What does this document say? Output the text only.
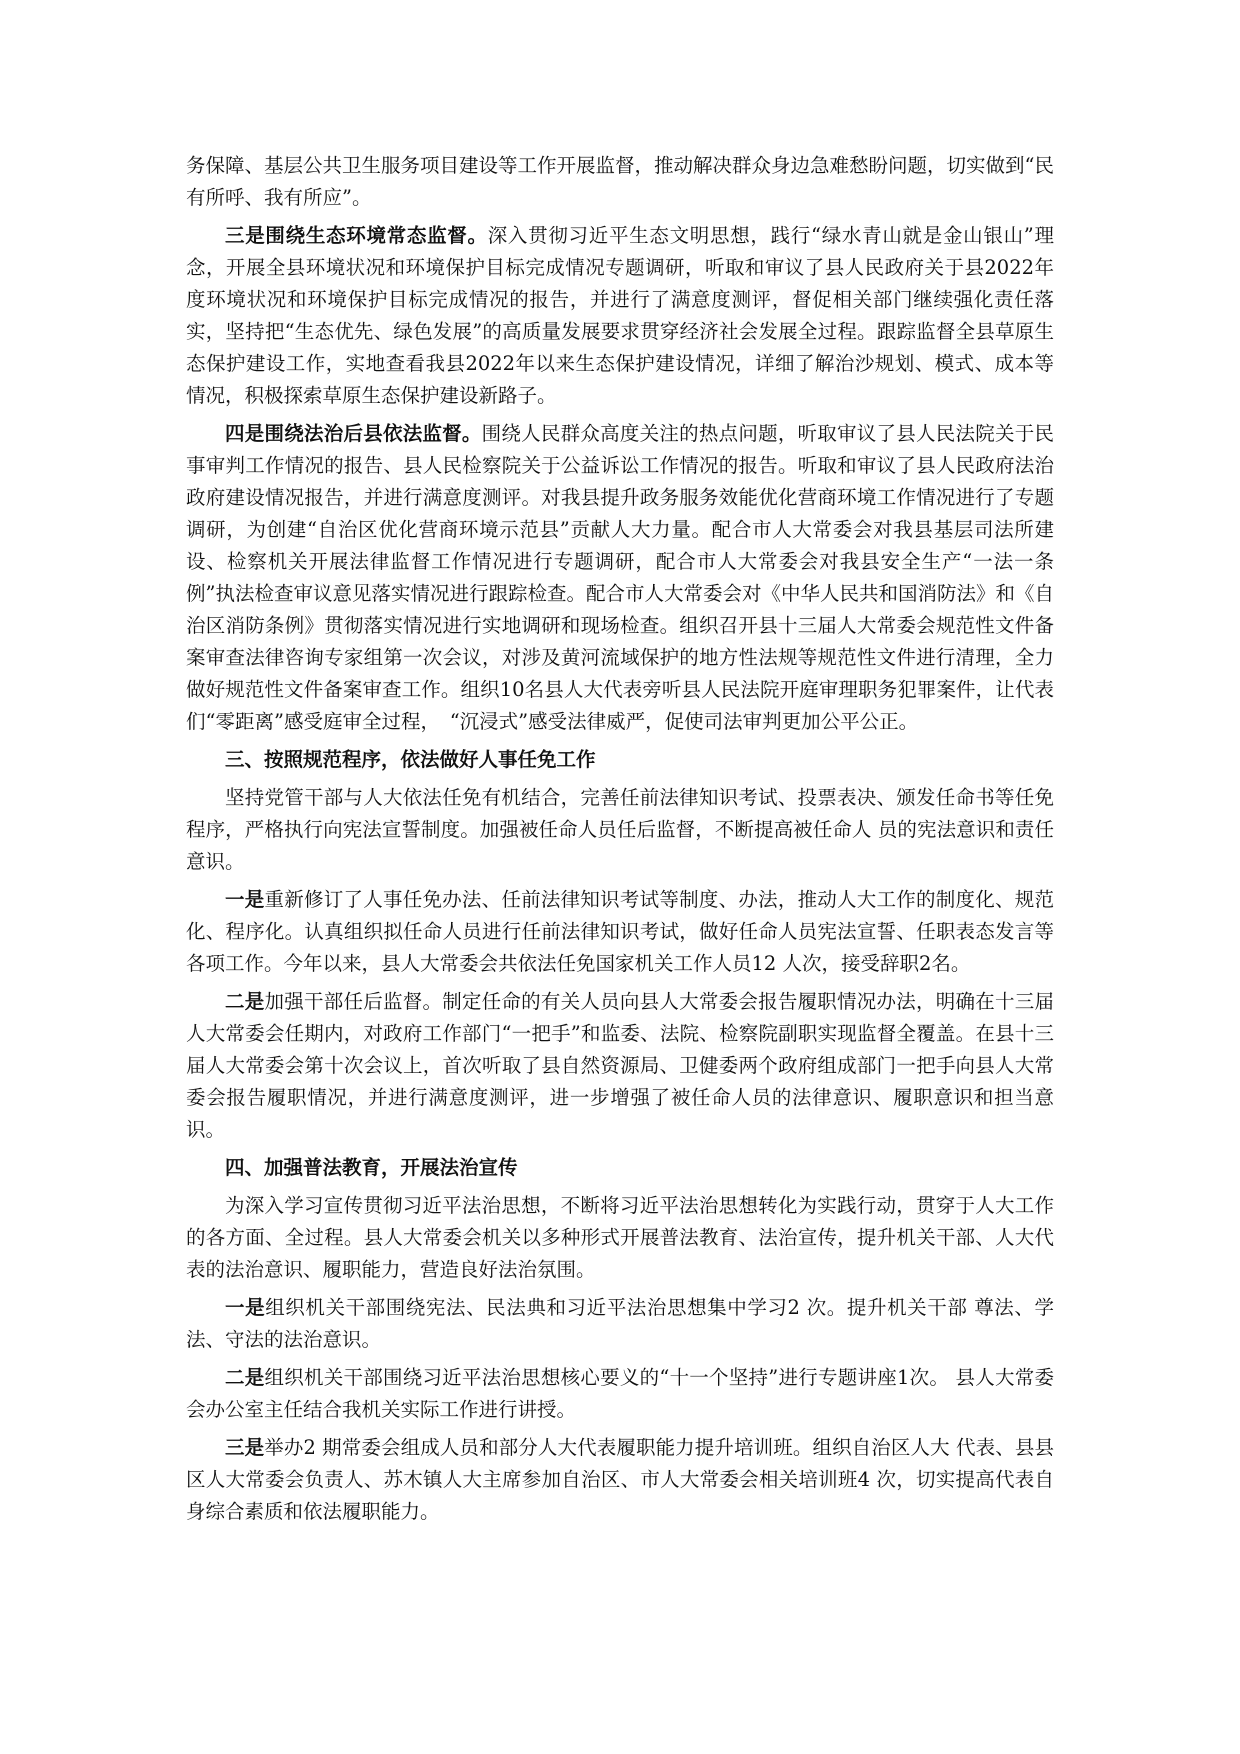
务保障、基层公共卫生服务项目建设等工作开展监督，推动解决群众身边急难愁盼问题，切实做到“民有所呼、我有所应”。

三是围绕生态环境常态监督。深入贯彻习近平生态文明思想，践行“绿水青山就是金山银山”理念，开展全县环境状况和环境保护目标完成情况专题调研，听取和审议了县人民政府关于县2022年度环境状况和环境保护目标完成情况的报告，并进行了满意度测评，督促相关部门继续强化责任落实，坚持把“生态优先、绿色发展”的高质量发展要求贯穿经济社会发展全过程。跟踪监督全县草原生态保护建设工作，实地查看我县2022年以来生态保护建设情况，详细了解治沙规划、模式、成本等情况，积极探索草原生态保护建设新路子。

四是围绕法治后县依法监督。围绕人民群众高度关注的热点问题，听取审议了县人民法院关于民事审判工作情况的报告、县人民检察院关于公益诉讼工作情况的报告。听取和审议了县人民政府法治政府建设情况报告，并进行满意度测评。对我县提升政务服务效能优化营商环境工作情况进行了专题调研，为创建“自治区优化营商环境示范县”贡献人大力量。配合市人大常委会对我县基层司法所建设、检察机关开展法律监督工作情况进行专题调研，配合市人大常委会对我县安全生产“一法一条例”执法检查审议意见落实情况进行跟踪检查。配合市人大常委会对《中华人民共和国消防法》和《自治区消防条例》贯彻落实情况进行实地调研和现场检查。组织召开县十三届人大常委会规范性文件备案审查法律咨询专家组第一次会议，对涉及黄河流域保护的地方性法规等规范性文件进行清理，全力做好规范性文件备案审查工作。组织10名县人大代表旁听县人民法院开庭审理职务犯罪案件，让代表们“零距离”感受庭审全过程，　“沉浸式”感受法律威严，促使司法审判更加公平公正。

三、按照规范程序，依法做好人事任免工作

坚持党管干部与人大依法任免有机结合，完善任前法律知识考试、投票表决、颁发任命书等任免程序，严格执行向宪法宣誓制度。加强被任命人员任后监督，不断提高被任命人 员的宪法意识和责任意识。

一是重新修订了人事任免办法、任前法律知识考试等制度、办法，推动人大工作的制度化、规范化、程序化。认真组织拟任命人员进行任前法律知识考试，做好任命人员宪法宣誓、任职表态发言等各项工作。今年以来，县人大常委会共依法任免国家机关工作人员12 人次，接受辞职2名。

二是加强干部任后监督。制定任命的有关人员向县人大常委会报告履职情况办法，明确在十三届人大常委会任期内，对政府工作部门“一把手”和监委、法院、检察院副职实现监督全覆盖。在县十三届人大常委会第十次会议上，首次听取了县自然资源局、卫健委两个政府组成部门一把手向县人大常委会报告履职情况，并进行满意度测评，进一步增强了被任命人员的法律意识、履职意识和担当意识。

四、加强普法教育，开展法治宣传

为深入学习宣传贯彻习近平法治思想，不断将习近平法治思想转化为实践行动，贯穿于人大工作的各方面、全过程。县人大常委会机关以多种形式开展普法教育、法治宣传，提升机关干部、人大代表的法治意识、履职能力，营造良好法治氛围。

一是组织机关干部围绕宪法、民法典和习近平法治思想集中学习2 次。提升机关干部 尊法、学法、守法的法治意识。

二是组织机关干部围绕习近平法治思想核心要义的“十一个坚持”进行专题讲座1次。 县人大常委会办公室主任结合我机关实际工作进行讲授。

三是举办2 期常委会组成人员和部分人大代表履职能力提升培训班。组织自治区人大 代表、县县区人大常委会负责人、苏木镇人大主席参加自治区、市人大常委会相关培训班4 次，切实提高代表自身综合素质和依法履职能力。
